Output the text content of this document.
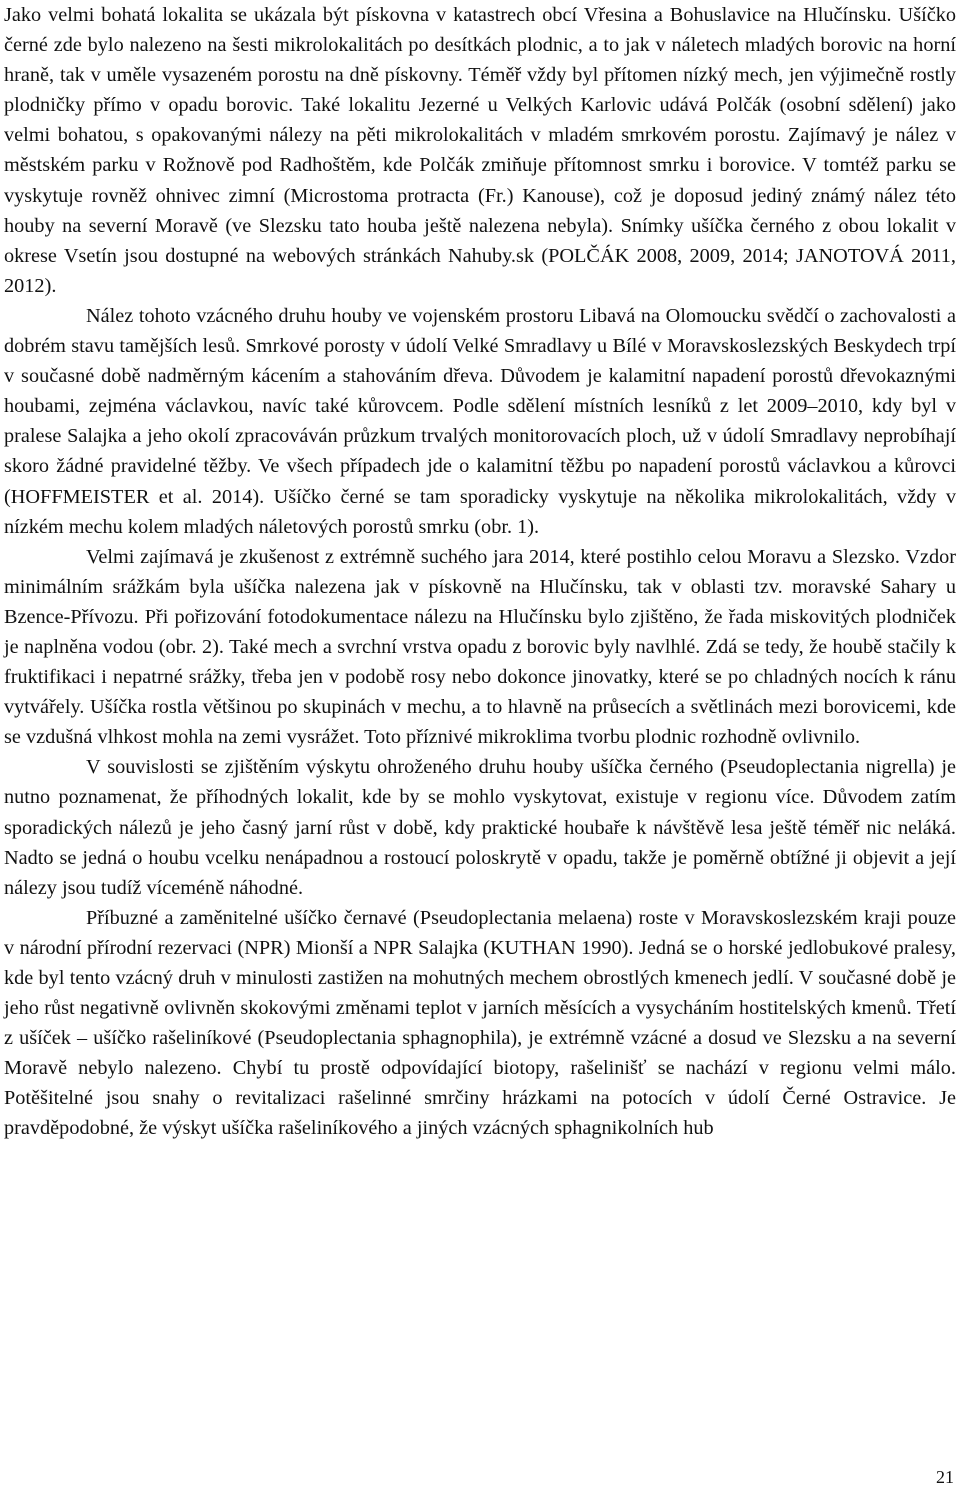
Jako velmi bohatá lokalita se ukázala být pískovna v katastrech obcí Vřesina a Bohuslavice na Hlučínsku. Ušíčko černé zde bylo nalezeno na šesti mikrolokalitách po desítkách plodnic, a to jak v náletech mladých borovic na horní hraně, tak v uměle vysazeném porostu na dně pískovny. Téměř vždy byl přítomen nízký mech, jen výjimečně rostly plodničky přímo v opadu borovic. Také lokalitu Jezerné u Velkých Karlovic udává Polčák (osobní sdělení) jako velmi bohatou, s opakovanými nálezy na pěti mikrolokalitách v mladém smrkovém porostu. Zajímavý je nález v městském parku v Rožnově pod Radhoštěm, kde Polčák zmiňuje přítomnost smrku i borovice. V tomtéž parku se vyskytuje rovněž ohnivec zimní (Microstoma protracta (Fr.) Kanouse), což je doposud jediný známý nález této houby na severní Moravě (ve Slezsku tato houba ještě nalezena nebyla). Snímky ušíčka černého z obou lokalit v okrese Vsetín jsou dostupné na webových stránkách Nahuby.sk (POLČÁK 2008, 2009, 2014; JANOTOVÁ 2011, 2012).

Nález tohoto vzácného druhu houby ve vojenském prostoru Libavá na Olomoucku svědčí o zachovalosti a dobrém stavu tamějších lesů. Smrkové porosty v údolí Velké Smradlavy u Bílé v Moravskoslezských Beskydech trpí v současné době nadměrným kácením a stahováním dřeva. Důvodem je kalamitní napadení porostů dřevokaznými houbami, zejména václavkou, navíc také kůrovcem. Podle sdělení místních lesníků z let 2009–2010, kdy byl v pralese Salajka a jeho okolí zpracováván průzkum trvalých monitorovacích ploch, už v údolí Smradlavy neprobíhají skoro žádné pravidelné těžby. Ve všech případech jde o kalamitní těžbu po napadení porostů václavkou a kůrovci (HOFFMEISTER et al. 2014). Ušíčko černé se tam sporadicky vyskytuje na několika mikrolokalitách, vždy v nízkém mechu kolem mladých náletových porostů smrku (obr. 1).

Velmi zajímavá je zkušenost z extrémně suchého jara 2014, které postihlo celou Moravu a Slezsko. Vzdor minimálním srážkám byla ušíčka nalezena jak v pískovně na Hlučínsku, tak v oblasti tzv. moravské Sahary u Bzence-Přívozu. Při pořizování fotodokumentace nálezu na Hlučínsku bylo zjištěno, že řada miskovitých plodniček je naplněna vodou (obr. 2). Také mech a svrchní vrstva opadu z borovic byly navlhlé. Zdá se tedy, že houbě stačily k fruktifikaci i nepatrné srážky, třeba jen v podobě rosy nebo dokonce jinovatky, které se po chladných nocích k ránu vytvářely. Ušíčka rostla většinou po skupinách v mechu, a to hlavně na průsecích a světlinách mezi borovicemi, kde se vzdušná vlhkost mohla na zemi vysrážet. Toto příznivé mikroklima tvorbu plodnic rozhodně ovlivnilo.

V souvislosti se zjištěním výskytu ohroženého druhu houby ušíčka černého (Pseudoplectania nigrella) je nutno poznamenat, že příhodných lokalit, kde by se mohlo vyskytovat, existuje v regionu více. Důvodem zatím sporadických nálezů je jeho časný jarní růst v době, kdy praktické houbaře k návštěvě lesa ještě téměř nic neláká. Nadto se jedná o houbu vcelku nenápadnou a rostoucí poloskrytě v opadu, takže je poměrně obtížné ji objevit a její nálezy jsou tudíž víceméně náhodné.

Příbuzné a zaměnitelné ušíčko černavé (Pseudoplectania melaena) roste v Moravskoslezském kraji pouze v národní přírodní rezervaci (NPR) Mionší a NPR Salajka (KUTHAN 1990). Jedná se o horské jedlobukové pralesy, kde byl tento vzácný druh v minulosti zastižen na mohutných mechem obrostlých kmenech jedlí. V současné době je jeho růst negativně ovlivněn skokovými změnami teplot v jarních měsících a vysycháním hostitelských kmenů. Třetí z ušíček – ušíčko rašeliníkové (Pseudoplectania sphagnophila), je extrémně vzácné a dosud ve Slezsku a na severní Moravě nebylo nalezeno. Chybí tu prostě odpovídající biotopy, rašelinišť se nachází v regionu velmi málo. Potěšitelné jsou snahy o revitalizaci rašelinné smrčiny hrázkami na potocích v údolí Černé Ostravice. Je pravděpodobné, že výskyt ušíčka rašeliníkového a jiných vzácných sphagnikolních hub

21
